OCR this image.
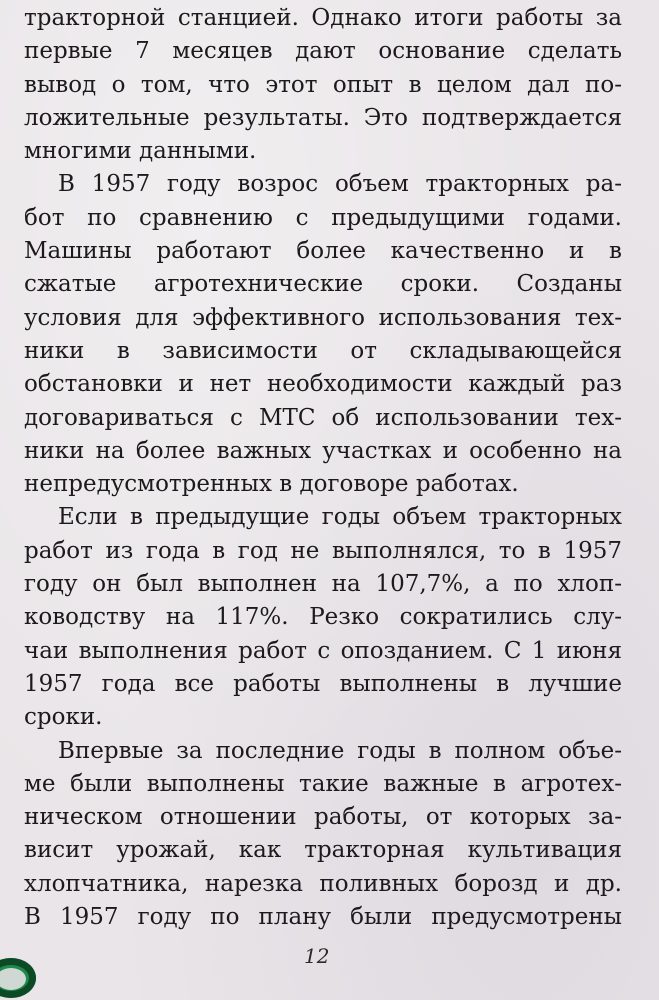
тракторной станцией. Однако итоги работы за
первые 7 месяцев дают основание сделать
вывод о том, что этот опыт в целом дал по-
ложительные результаты. Это подтверждается
многими данными.
В 1957 году возрос объем тракторных ра-
бот по сравнению с предыдущими годами.
Машины работают более качественно и в
сжатые агротехнические сроки. Созданы
условия для эффективного использования тех-
ники в зависимости от складывающейся
обстановки и нет необходимости каждый раз
договариваться с МТС об использовании тех-
ники на более важных участках и особенно на
непредусмотренных в договоре работах.
Если в предыдущие годы объем тракторных
работ из года в год не выполнялся, то в 1957
году он был выполнен на 107,7%, а по хлоп-
ководству на 117%. Резко сократились слу-
чаи выполнения работ с опозданием. С 1 июня
1957 года все работы выполнены в лучшие
сроки.
Впервые за последние годы в полном объе-
ме были выполнены такие важные в агротех-
ническом отношении работы, от которых за-
висит урожай, как тракторная культивация
хлопчатника, нарезка поливных борозд и др.
В 1957 году по плану были предусмотрены
12
